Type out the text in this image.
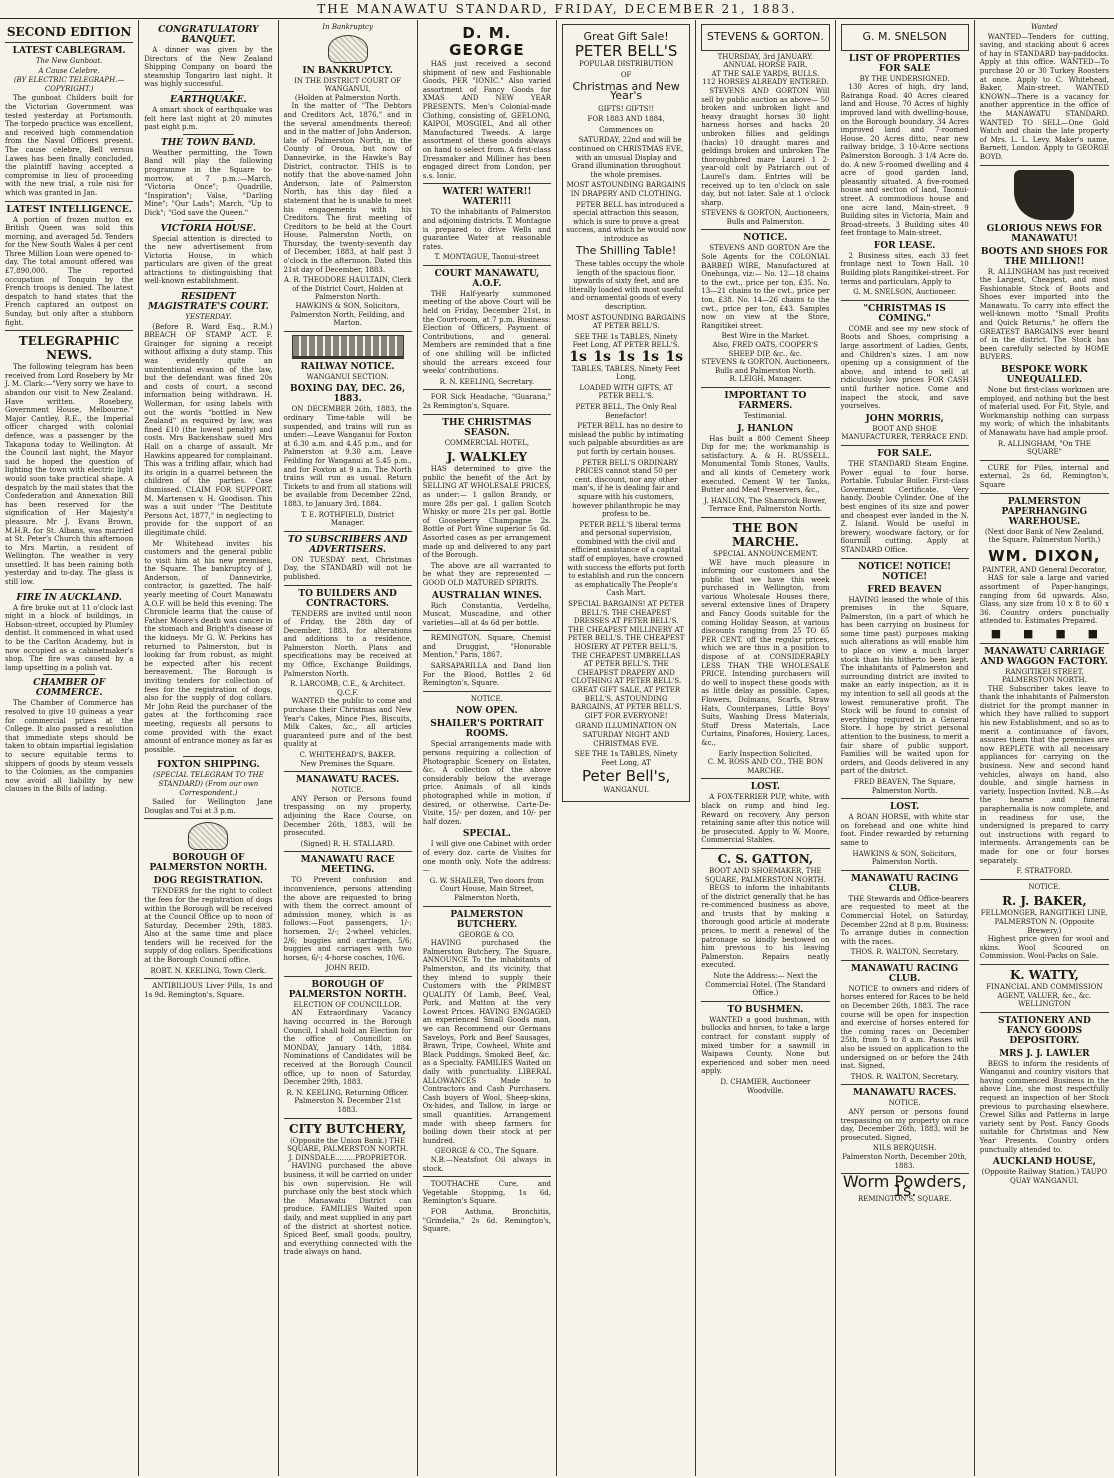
THE MANAWATU STANDARD, FRIDAY, DECEMBER 21, 1883.
SECOND EDITION
LATEST CABLEGRAM.
The New Gunboat.
A Cause Celebre.
(BY ELECTRIC TELEGRAPH.—COPYRIGHT.)

The gunboat Childers built for the Victorian Government was tested yesterday at Portsmouth. The torpedo practice was excellent, and received high commendation from the Naval Officers present. The cause celebre, Bell versus Lawes has been finally concluded, the plaintiff having accepted a compromise in lieu of proceeding with the new trial, a rule nisi for which was granted in Jan.

LATEST INTELLIGENCE.

A portion of frozen mutton ex British Queen was sold this morning, and averaged 5d. Tenders for the New South Wales 4 per cent Three Million Loan were opened to-day. The total amount offered was £7,890,000. The reported occupation of Tonquin by the French troops is denied. The latest despatch to hand states that the French captured an outpost on Sunday, but only after a stubborn fight.

TELEGRAPHIC NEWS.

The following telegram has been received from Lord Rosebery by Mr J. M. Clark:—"Very sorry we have to abandon our visit to New Zealand. Have written. Rosebery, Government House, Melbourne." Major Cantley, R.E., the Imperial officer charged with colonial defence, was a passenger by the Takapuna today to Wellington. At the Council last night, the Mayor said he hoped the question of lighting the town with electric light would soon take practical shape. A despatch by the mail states that the Confederation and Annexation Bill has been reserved for the signification of Her Majesty's pleasure. Mr J. Evans Brown, M.H.R. for St. Albans, was married at St. Peter's Church this afternoon to Mrs Martin, a resident of Wellington. The weather is very unsettled. It has been raining both yesterday and to-day. The glass is still low.

FIRE IN AUCKLAND.

A fire broke out at 11 o'clock last night in a block of buildings, in Hobson-street, occupied by Plumley dentist. It commenced in what used to be the Carlton Academy, but is now occupied as a cabinetmaker's shop. The fire was caused by a lamp upsetting in a polish vat.

CHAMBER OF COMMERCE.

The Chamber of Commerce has resolved to give 10 guineas a year for commercial prizes at the College. It also passed a resolution that immediate steps should be taken to obtain impartial legislation to secure equitable terms to shippers of goods by steam vessels to the Colonies, as the companies now avoid all liability by new clauses in the Bills of lading.

CONGRATULATORY BANQUET.

A dinner was given by the Directors of the New Zealand Shipping Company on board the steamship Tongariro last night. It was highly successful.

EARTHQUAKE.

A smart shock of earthquake was felt here last night at 20 minutes past eight p.m.

THE TOWN BAND.

Weather permitting, the Town Band will play the following programme in the Square to-morrow, at 7 p.m.:—March, "Victoria Once"; Quadrille, "Inspiration"; Valse, "Darling Mine"; "Our Lads"; March, "Up to Dick"; "God save the Queen."

VICTORIA HOUSE.

Special attention is directed to the new advertisement from Victoria House, in which particulars are given of the great attractions to distinguishing that well-known establishment.

RESIDENT MAGISTRATE'S COURT.
YESTERDAY.

(Before R. Ward Esq., R.M.) BREACH OF STAMP ACT. F. Grainger for signing a receipt without affixing a duty stamp. This was evidently quite an unintentional evasion of the law, but the defendant was fined 20s and costs of court, a second information being withdrawn. H. Wollerman, for using labels with out the words "bottled in New Zealand" as required by law, was fined £10 (the lowest penalty) and costs. Mrs Backenshaw sued Mrs Hall on a charge of assault. Mr Hawkins appeared for complainant. This was a trifling affair, which had its origin in a quarrel between the children of the parties. Case dismissed. CLAIM FOR SUPPORT. M. Martensen v. H. Goodison. This was a suit under "The Destitute Persons Act, 1877," in neglecting to provide for the support of an illegitimate child.

Mr Whitehead invites his customers and the general public to visit him at his new premises, the Square. The bankruptcy of J. Anderson, of Dannevirke, contractor, is gazetted. The half-yearly meeting of Court Manawatu A.O.F. will be held this evening. The Chronicle learns that the cause of Father Moore's death was cancer in the stomach and Bright's disease of the kidneys. Mr G. W. Perkins has returned to Palmerston, but is looking far from robust, as might be expected after his recent bereavement. The Borough is inviting tenders for collection of fees for the registration of dogs, also for the supply of dog collars. Mr John Reid the purchaser of the gates at the forthcoming race meeting, requests all persons to come provided with the exact amount of entrance money as far as possible.

FOXTON SHIPPING.
(SPECIAL TELEGRAM TO THE STANDARD) (From our own Correspondent.)

Sailed for Wellington Jane Douglas and Tui at 3 p.m.

BOROUGH OF PALMERSTON NORTH.
DOG REGISTRATION.

TENDERS for the right to collect the fees for the registration of dogs within the Borough will be received at the Council Office up to noon of Saturday, December 29th, 1883. Also at the same time and place tenders will be received for the supply of dog collars. Specifications at the Borough Council office.

ROBT. N. KEELING, Town Clerk.

ANTIBILIOUS Liver Pills, 1s and 1s 9d. Remington's, Square.

In Bankruptcy
IN BANKRUPTCY.
IN THE DISTRICT COURT OF WANGANUI,
(Holden at Palmerston North.

In the matter of "The Debtors and Creditors Act, 1876," and in the several amendments thereof; and in the matter of John Anderson, late of Palmerston North, in the County of Oroua, but now of Dannevirke, in the Hawke's Bay District, contractor. THIS is to notify that the above-named John Anderson, late of Palmerston North, has this day filed a statement that he is unable to meet his engagements with his Creditors. The first meeting of Creditors to be held at the Court House, Palmerston North, on Thursday, the twenty-seventh day of December, 1883, at half past 3 o'clock in the afternoon. Dated this 21st day of December, 1883.

A. R. THEODORE HAULTAIN, Clerk of the District Court, Holden at Palmerston North.
HAWKINS & SON, Solicitors, Palmerston North, Feilding, and Marton.
RAILWAY NOTICE.
WANGANUI SECTION.
BOXING DAY, DEC. 26, 1883.

ON DECEMBER 26th, 1883, the ordinary Time-table will be suspended, and trains will run as under:—Leave Wanganui for Foxton at 6.30 a.m. and 4.45 p.m., and for Palmerston at 9.30 a.m. Leave Feilding for Wanganui at 5.45 p.m., and for Foxton at 9 a.m. The North trains will run as usual. Return Tickets to and from all stations will be available from December 22nd, 1883, to January 3rd, 1884.

T. E. ROTHFIELD, District Manager.
TO SUBSCRIBERS AND ADVERTISERS.

ON TUESDAY next, Christmas Day, the STANDARD will not be published.

TO BUILDERS AND CONTRACTORS.

TENDERS are invited until noon of Friday, the 28th day of December, 1883, for alterations and additions to a residence, Palmerston North. Plans and specifications may be received at my Office, Exchange Buildings, Palmerston North.

R. LARCOMB, C.E., & Architect.
Q.C.F.

WANTED the public to come and purchase their Christmas and New Year's Cakes, Mince Pies, Biscuits, Milk Cakes, &c., all articles guaranteed pure and of the best quality at

C. WHITEHEAD'S, BAKER.
New Premises the Square.
MANAWATU RACES.
NOTICE.

ANY Person or Persons found trespassing on my property, adjoining the Race Course, on December 26th, 1883, will be prosecuted.

(Signed) R. H. STALLARD.
MANAWATU RACE MEETING.

TO Prevent confusion and inconvenience, persons attending the above are requested to bring with them the correct amount of admission money, which is as follows:—Foot passengers, 1/-; horsemen, 2/-; 2-wheel vehicles, 2/6; buggies and carriages, 5/6; buggies and carriages with two horses, 6/-; 4-horse coaches, 10/6.

JOHN REID.
BOROUGH OF PALMERSTON NORTH.
ELECTION OF COUNCILLOR.

AN Extraordinary Vacancy having occurred in the Borough Council, I shall hold an Election for the office of Councillor, on MONDAY, January 14th, 1884. Nominations of Candidates will be received at the Borough Council office, up to noon of Saturday, December 29th, 1883.

R. N. KEELING, Returning Officer.
Palmerston N. December 21st 1883.
CITY BUTCHERY,
(Opposite the Union Bank.) THE SQUARE, PALMERSTON NORTH.
J. DINSDALE.........PROPRIETOR.

HAVING purchased the above business, it will be carried on under his own supervision. He will purchase only the best stock which the Manawatu District can produce. FAMILIES Waited upon daily, and meat supplied in any part of the district at shortest notice. Spiced Beef, small goods, poultry, and everything connected with the trade always on hand.

D. M. GEORGE

HAS just received a second shipment of new and Fashionable Goods, PER "IONIC." Also varied assortment of Fancy Goods for XMAS AND NEW YEAR PRESENTS. Men's Colonial-made Clothing, consisting of, GEELONG, KAIPOI, MOSGIEL, And all other Manufactured Tweeds. A large assortment of these goods always on hand to select from. A first-class Dressmaker and Milliner has been engaged direct from London, per s.s. Ionic.

WATER! WATER!! WATER!!!

TO the inhabitants of Palmerston and adjoining districts. T. Montague is prepared to drive Wells and guarantee Water at reasonable rates.

T. MONTAGUE, Taonui-street
COURT MANAWATU, A.O.F.

THE Half-yearly summoned meeting of the above Court will be held on Friday, December 21st, in the Court-room, at 7 p.m. Business: Election of Officers, Payment of Contributions, and general. Members are reminded that a fine of one shilling will be inflicted should the arrears exceed four weeks' contributions.

R. N. KEELING, Secretary.

FOR Sick Headache, "Guarana," 2s Remington's, Square.

THE CHRISTMAS SEASON.
COMMERCIAL HOTEL,
J. WALKLEY

HAS determined to give the public the benefit of the Act by SELLING AT WHOLESALE PRICES, as under:— 1 gallon Brandy, or more 28s per gal. 1 gallon Scotch Whisky or more 21s per gal. Bottle of Gooseberry Champagne 2s. Bottle of Port Wine superior 5s 6d. Assorted cases as per arrangement made up and delivered to any part of the Borough.

The above are all warranted to be what they are represented — GOOD OLD MATURED SPIRITS.

AUSTRALIAN WINES.

Rich Constantia, Verdelho, Muscat, Muscadine, and other varieties—all at 4s 6d per bottle.

REMINGTON, Square, Chemist and Druggist, "Honorable Mention," Paris, 1867.

SARSAPARILLA and Dand lion For the Blood, Bottles 2 6d Remington's, Square.

NOTICE.
NOW OPEN.
SHAILER'S PORTRAIT ROOMS.

Special arrangements made with persons requiring a collection of Photographic Scenery on Estates, &c. A collection of the above considerably below the average price. Animals of all kinds photographed while in motion, if desired, or otherwise. Carte-De-Visite, 15/- per dozen, and 10/- per half dozen.

SPECIAL.

I will give one Cabinet with order of every doz. carte de Visites for one month only. Note the address:—

G. W. SHAILER, Two doors from Court House, Main Street, Palmerston North.
PALMERSTON BUTCHERY.
GEORGE & CO.

HAVING purchased the Palmerston Butchery, The Square, ANNOUNCE To the inhabitants of Palmerston, and its vicinity, that they intend to supply their Customers with the PRIMEST QUALITY Of Lamb, Beef, Veal, Pork, and Mutton at the very Lowest Prices. HAVING ENGAGED an experienced Small Goods man, we can Recommend our Germans Saveloys, Pork and Beef Sausages, Brawn, Tripe, Cowheel, White and Black Puddings, Smoked Beef, &c. as a Specialty. FAMILIES Waited on daily with punctuality. LIBERAL ALLOWANCES Made to Contractors and Cash Purchasers. Cash buyers of Wool, Sheep-skins, Ox-hides, and Tallow, in large or small quantities. Arrangement made with sheep farmers for boiling down their stock at per hundred.

GEORGE & CO., The Square.

N.B.—Neatsfoot Oil always in stock.

TOOTHACHE Cure, and Vegetable Stopping, 1s 6d, Remington's Square.

FOR Asthma, Bronchitis, "Grindelia," 2s 6d. Remington's, Square.

Great Gift Sale!
PETER BELL'S
POPULAR DISTRIBUTION
OF
Christmas and New Year's
GIFTS! GIFTS!!
FOR 1883 AND 1884,
Commences on

SATURDAY, 22nd and will be continued on CHRISTMAS EVE, with an unusual Display and Grand illumination throughout the whole premises.

MOST ASTOUNDING BARGAINS IN DRAPERY AND CLOTHING.

PETER BELL has introduced a special attraction this season, which is sure to prove a great success, and which he would now introduce as

The Shilling Table!

These tables occupy the whole length of the spacious floor, upwards of sixty feet, and are literally loaded with most useful and ornamental goods of every description.

MOST ASTOUNDING BARGAINS AT PETER BELL'S.
SEE THE 1s TABLES, Ninety Feet Long, AT PETER BELL'S.
1s 1s 1s 1s 1s
TABLES, TABLES, Ninety Feet Long,
LOADED WITH GIFTS, AT PETER BELL'S.
PETER BELL, The Only Real Benefactor!

PETER BELL has no desire to mislead the public by intimating such palpable absurdities as are put forth by certain houses.

PETER BELL'S ORDINARY PRICES cannot stand 50 per cent. discount, nor any other man's, if he is dealing fair and square with his customers, however philanthropic he may profess to be.

PETER BELL'S liberal terms and personal supervision, combined with the civil and efficient assistance of a capital staff of employes, have crowned with success the efforts put forth to establish and run the concern as emphatically The People's Cash Mart.

SPECIAL BARGAINS! AT PETER BELL'S. THE CHEAPEST DRESSES AT PETER BELL'S. THE CHEAPEST MILLINERY AT PETER BELL'S. THE CHEAPEST HOSIERY AT PETER BELL'S. THE CHEAPEST UMBRELLAS AT PETER BELL'S. THE CHEAPEST DRAPERY AND CLOTHING AT PETER BELL'S. GREAT GIFT SALE, AT PETER BELL'S. ASTOUNDING BARGAINS, AT PETER BELL'S. GIFT FOR EVERYONE!
GRAND ILLUMINATION ON SATURDAY NIGHT AND CHRISTMAS EVE.
SEE THE 1s TABLES, Ninety Feet Long, AT
Peter Bell's,
WANGANUI.
STEVENS & GORTON.
THURSDAY, 3rd JANUARY.
ANNUAL HORSE FAIR.
AT THE SALE YARDS, BULLS.
112 HORSES ALREADY ENTERED.

STEVENS AND GORTON Will sell by public auction as above— 50 broken and unbroken light and heavy draught horses 30 light harness horses and hacks 20 unbroken fillies and geldings (hacks) 10 draught mares and geldings broken and unbroken The thoroughbred mare Laurel 1 2-year-old colt by Patriarch out of Laurel's dam. Entries will be received up to ten o'clock on sale day, but not later. Sale at 1 o'clock sharp.

STEVENS & GORTON, Auctioneers, Bulls and Palmerston.
NOTICE.

STEVENS AND GORTON Are the Sole Agents for the COLONIAL BARBED WIRE, Manufactured at Onehunga, viz:— No. 12—18 chains to the cwt., price per ton, £35. No. 13—21 chains to the cwt., price per ton, £38. No. 14—26 chains to the cwt., price per ton, £43. Samples now on view at the Store, Rangitikei street.

Best Wire in the Market.
Also, FRED OATS, COOPER'S SHEEP DIP, &c., &c.
STEVENS & GORTON, Auctioneers, Bulls and Palmerston North.
R. LEIGH, Manager.
IMPORTANT TO FARMERS.
Testimonial.
J. HANLON

Has built a 800 Cement Sheep Dip for me; the workmanship is satisfactory. A. & H. RUSSELL. Monumental Tomb Stones, Vaults, and all kinds of Cemetery work executed. Cement W ter Tanks, Butter and Meat Preservers, &c.,

J. HANLON, The Shamrock Bower, Terrace End, Palmerston North.
THE BON MARCHE.
SPECIAL ANNOUNCEMENT.

WE have much pleasure in informing our customers and the public that we have this week purchased in Wellington, from various Wholesale Houses there, several extensive lines of Drapery and Fancy Goods suitable for the coming Holiday Season, at various discounts ranging from 25 TO 65 PER CENT. off the regular prices, which we are thus in a position to dispose of at CONSIDERABLY LESS THAN THE WHOLESALE PRICE. Intending purchasers will do well to inspect these goods with as little delay as possible. Capes, Flowers, Dolmans, Scarfs, Straw Hats, Counterpanes, Little Boys' Suits, Washing Dress Materials, Stuff Dress Materials, Lace Curtains, Pinafores, Hosiery, Laces, &c.,

Early Inspection Solicited.
C. M. ROSS AND CO., THE BON MARCHE.
LOST.

A FOX-TERRIER PUP, white, with black on rump and hind leg. Reward on recovery. Any person retaining same after this notice will be prosecuted. Apply to W. Moore, Commercial Stables.

C. S. GATTON,
BOOT AND SHOEMAKER, THE SQUARE, PALMERSTON NORTH.

BEGS to inform the inhabitants of the district generally that he has re-commenced business as above, and trusts that by making a thorough good article at moderate prices, to merit a renewal of the patronage so kindly bestowed on him previous to his leaving Palmerston. Repairs neatly executed.

Note the Address:— Next the Commercial Hotel. (The Standard Office.)
TO BUSHMEN.

WANTED a good bushman, with bullocks and horses, to take a large contract for constant supply of mixed timber for a sawmill in Waipawa County. None but experienced and sober men need apply.

D. CHAMIER, Auctioneer Woodville.
G. M. SNELSON
LIST OF PROPERTIES FOR SALE
BY THE UNDERSIGNED.

130 Acres of high, dry land, Rairanga Road. 40 Acres cleared land and House. 70 Acres of highly improved land with dwelling-house, on the Borough boundary. 34 Acres improved land and 7-roomed House. 20 Acres ditto, near new railway bridge. 3 10-Acre sections Palmerston Borough. 3 1/4 Acre do. do. A new 5-roomed dwelling and 4 acre of good garden land, pleasantly situated. A five-roomed house and section of land, Taonui-street. A commodious house and one acre land, Main-street. 9 Building sites in Victoria, Main and Broad-streets. 3 Building sites 40 feet frontage to Main-street.

FOR LEASE.

2 Business sites, each 33 feet frontage next to Town Hall. 10 Building plots Rangitikei-street. For terms and particulars, Apply to

G. M. SNELSON, Auctioneer.
"CHRISTMAS IS COMING."

COME and see my new stock of Boots and Shoes, comprising a large assortment of Ladies, Gents, and Children's sizes. I am now opening up a consignment of the above, and intend to sell at ridiculously low prices FOR CASH until further notice. Come and inspect the stock, and save yourselves.

JOHN MORRIS,
BOOT AND SHOE MANUFACTURER, TERRACE END.
FOR SALE.

THE STANDARD Steam Engine. Power equal to four horse. Portable. Tubular Boiler. First-class Government Certificate. Very handy. Double Cylinder. One of the best engines of its size and power and cheapest ever landed in the N. Z. Island. Would be useful in brewery, woodware factory, or for flourmill cutting. Apply at STANDARD Office.

NOTICE! NOTICE! NOTICE!
FRED BEAVEN

HAVING leased the whole of this premises in the Square, Palmerston, (in a part of which he has been carrying on business for some time past) purposes making such alterations as will enable him to place on view a much larger stock than his hitherto been kept. The inhabitants of Palmerston and surrounding district are invited to make an early inspection, as it is my intention to sell all goods at the lowest remunerative profit. The Stock will be found to consist of everything required in a General Store. I hope by strict personal attention to the business, to merit a fair share of public support. Families will be waited upon for orders, and Goods delivered in any part of the district.

FRED BEAVEN, The Square, Palmerston North.
LOST.

A ROAN HORSE, with white star on forehead and one white hind foot. Finder rewarded by returning same to

HAWKINS & SON, Solicitors, Palmerston North.
MANAWATU RACING CLUB.

THE Stewards and Office-bearers are requested to meet at the Commercial Hotel, on Saturday, December 22nd at 8 p.m. Business: To arrange duties in connection with the races.

THOS. R. WALTON, Secretary.
MANAWATU RACING CLUB.

NOTICE to owners and riders of horses entered for Races to be held on December 26th, 1883. The race course will be open for inspection and exercise of horses entered for the coming races on December 25th, from 5 to 8 a.m. Passes will also be issued on application to the undersigned on or before the 24th inst. Signed,

THOS. R. WALTON, Secretary.
MANAWATU RACES.
NOTICE.

ANY person or persons found trespassing on my property on race day, December 26th, 1883, will be prosecuted. Signed,

NILS BERQUISH.
Palmerston North, December 20th, 1883.
Worm Powders, 1s.
REMINGTON'S, SQUARE.
Wanted

WANTED—Tenders for cutting, saving, and stacking about 6 acres of hay in STANDARD bay-paddocks. Apply at this office. WANTED—To purchase 20 or 30 Turkey Roosters at once. Apply to C. Whitehead, Baker, Main-street. WANTED KNOWN—There is a vacancy for another apprentice in the office of the MANAWATU STANDARD. WANTED TO SELL—One Gold Watch and chain the late property of Mrs. L. L. Levy. Maker's name, Barnett, London. Apply to GEORGE BOYD.

GLORIOUS NEWS FOR MANAWATU!
BOOTS AND SHOES FOR THE MILLION!!

R. ALLINGHAM has just received the Largest, Cheapest, and most Fashionable Stock of Boots and Shoes ever imported into the Manawatu. To carry into effect the well-known motto "Small Profits and Quick Returns," he offers the GREATEST BARGAINS ever heard of in the district. The Stock has been carefully selected by HOME BUYERS.

BESPOKE WORK UNEQUALLED.

None but first-class workmen are employed, and nothing but the best of material used. For Fit, Style, and Workmanship nothing can surpass my work; of which the inhabitants of Manawatu have had ample proof.

R. ALLINGHAM, "On THE SQUARE"

CURE for Piles, internal and external, 2s 6d, Remington's, Square

PALMERSTON PAPERHANGING WAREHOUSE.
(Next door Bank of New Zealand, the Square, Palmerston North.)
WM. DIXON,
PAINTER, AND General Decorator,

HAS for sale a large and varied assortment of Paper-hangings, ranging from 6d upwards. Also, Glass, any size from 10 x 8 to 60 x 36. Country orders punctually attended to. Estimates Prepared.

■ ■ ■ ■
MANAWATU CARRIAGE AND WAGGON FACTORY.
RANGITIKEI STREET, PALMERSTON NORTH.

THE Subscriber takes leave to thank the inhabitants of Palmerston district for the prompt manner in which they have rallied to support his new Establishment, and so as to merit a continuance of favors, assures them that the premises are now REPLETE with all necessary appliances for carrying on the business. New and second hand vehicles, always on hand, also double, and single harness in variety. Inspection Invited. N.B.—As the hearse and funeral paraphernalia is now complete, and in readiness for use, the undersigned is prepared to carry out instructions with regard to interments. Arrangements can be made for one or four horses separately.

F. STRATFORD.
NOTICE.
R. J. BAKER,
FELLMONGER, RANGITIKEI LINE, PALMERSTON N. (Opposite Brewery.)

Highest price given for wool and skins. Wool Scoured on Commission. Wool-Packs on Sale.

K. WATTY,
FINANCIAL AND COMMISSION AGENT, VALUER, &c., &c. WELLINGTON
STATIONERY AND FANCY GOODS DEPOSITORY.
MRS J. J. LAWLER

BEGS to inform the residents of Wanganui and country visitors that having commenced Business in the above Line, she most respectfully request an inspection of her Stock previous to purchasing elsewhere. Crewel Silks and Patterns in large variety sent by Post. Fancy Goods suitable for Christmas and New Year Presents. Country orders punctually attended to.

AUCKLAND HOUSE,
(Opposite Railway Station.) TAUPO QUAY WANGANUI.
